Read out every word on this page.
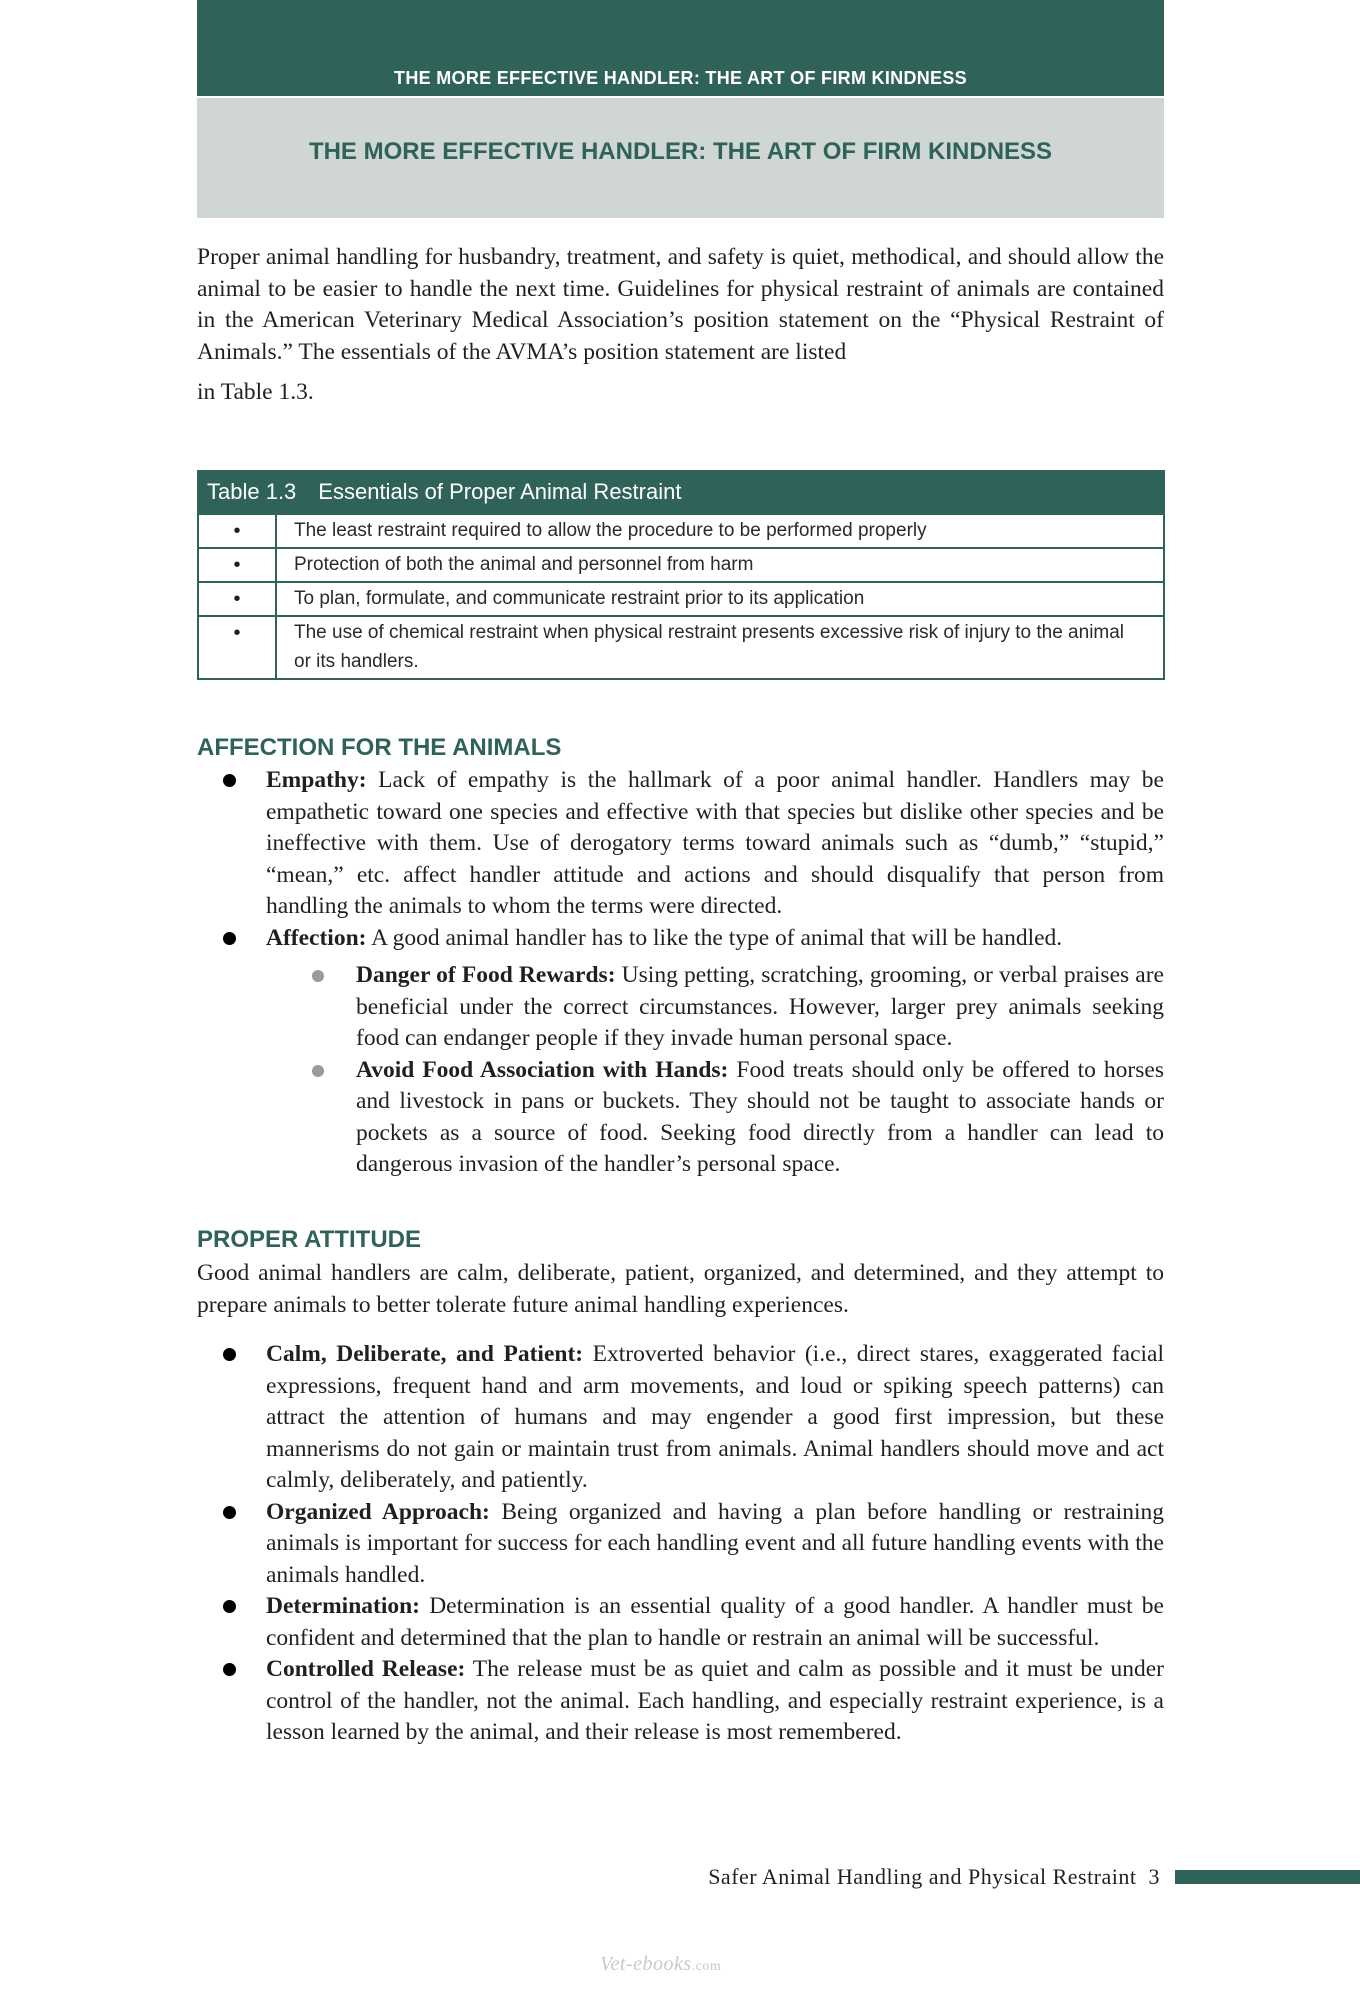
THE MORE EFFECTIVE HANDLER: THE ART OF FIRM KINDNESS
THE MORE EFFECTIVE HANDLER: THE ART OF FIRM KINDNESS

Proper animal handling for husbandry, treatment, and safety is quiet, methodical, and should allow the animal to be easier to handle the next time. Guidelines for physical restraint of animals are contained in the American Veterinary Medical Association’s position statement on the “Physical Restraint of Animals.” The essentials of the AVMA’s position statement are listed
in Table 1.3.

Table 1.3 Essentials of Proper Animal Restraint
•	The least restraint required to allow the procedure to be performed properly
•	Protection of both the animal and personnel from harm
•	To plan, formulate, and communicate restraint prior to its application
•	The use of chemical restraint when physical restraint presents excessive risk of injury to the animal or its handlers.
AFFECTION FOR THE ANIMALS
Empathy: Lack of empathy is the hallmark of a poor animal handler. Handlers may be empathetic toward one species and effective with that species but dislike other species and be ineffective with them. Use of derogatory terms toward animals such as “dumb,” “stupid,” “mean,” etc. affect handler attitude and actions and should disqualify that person from handling the animals to whom the terms were directed.
Affection: A good animal handler has to like the type of animal that will be handled.
Danger of Food Rewards: Using petting, scratching, grooming, or verbal praises are beneficial under the correct circumstances. However, larger prey animals seeking food can endanger people if they invade human personal space.
Avoid Food Association with Hands: Food treats should only be offered to horses and livestock in pans or buckets. They should not be taught to associate hands or pockets as a source of food. Seeking food directly from a handler can lead to dangerous invasion of the handler’s personal space.
PROPER ATTITUDE

Good animal handlers are calm, deliberate, patient, organized, and determined, and they attempt to prepare animals to better tolerate future animal handling experiences.

Calm, Deliberate, and Patient: Extroverted behavior (i.e., direct stares, exaggerated facial expressions, frequent hand and arm movements, and loud or spiking speech patterns) can attract the attention of humans and may engender a good first impression, but these mannerisms do not gain or maintain trust from animals. Animal handlers should move and act calmly, deliberately, and patiently.
Organized Approach: Being organized and having a plan before handling or restraining animals is important for success for each handling event and all future handling events with the animals handled.
Determination: Determination is an essential quality of a good handler. A handler must be confident and determined that the plan to handle or restrain an animal will be successful.
Controlled Release: The release must be as quiet and calm as possible and it must be under control of the handler, not the animal. Each handling, and especially restraint experience, is a lesson learned by the animal, and their release is most remembered.
Safer Animal Handling and Physical Restraint 3
Vet-ebooks.com
